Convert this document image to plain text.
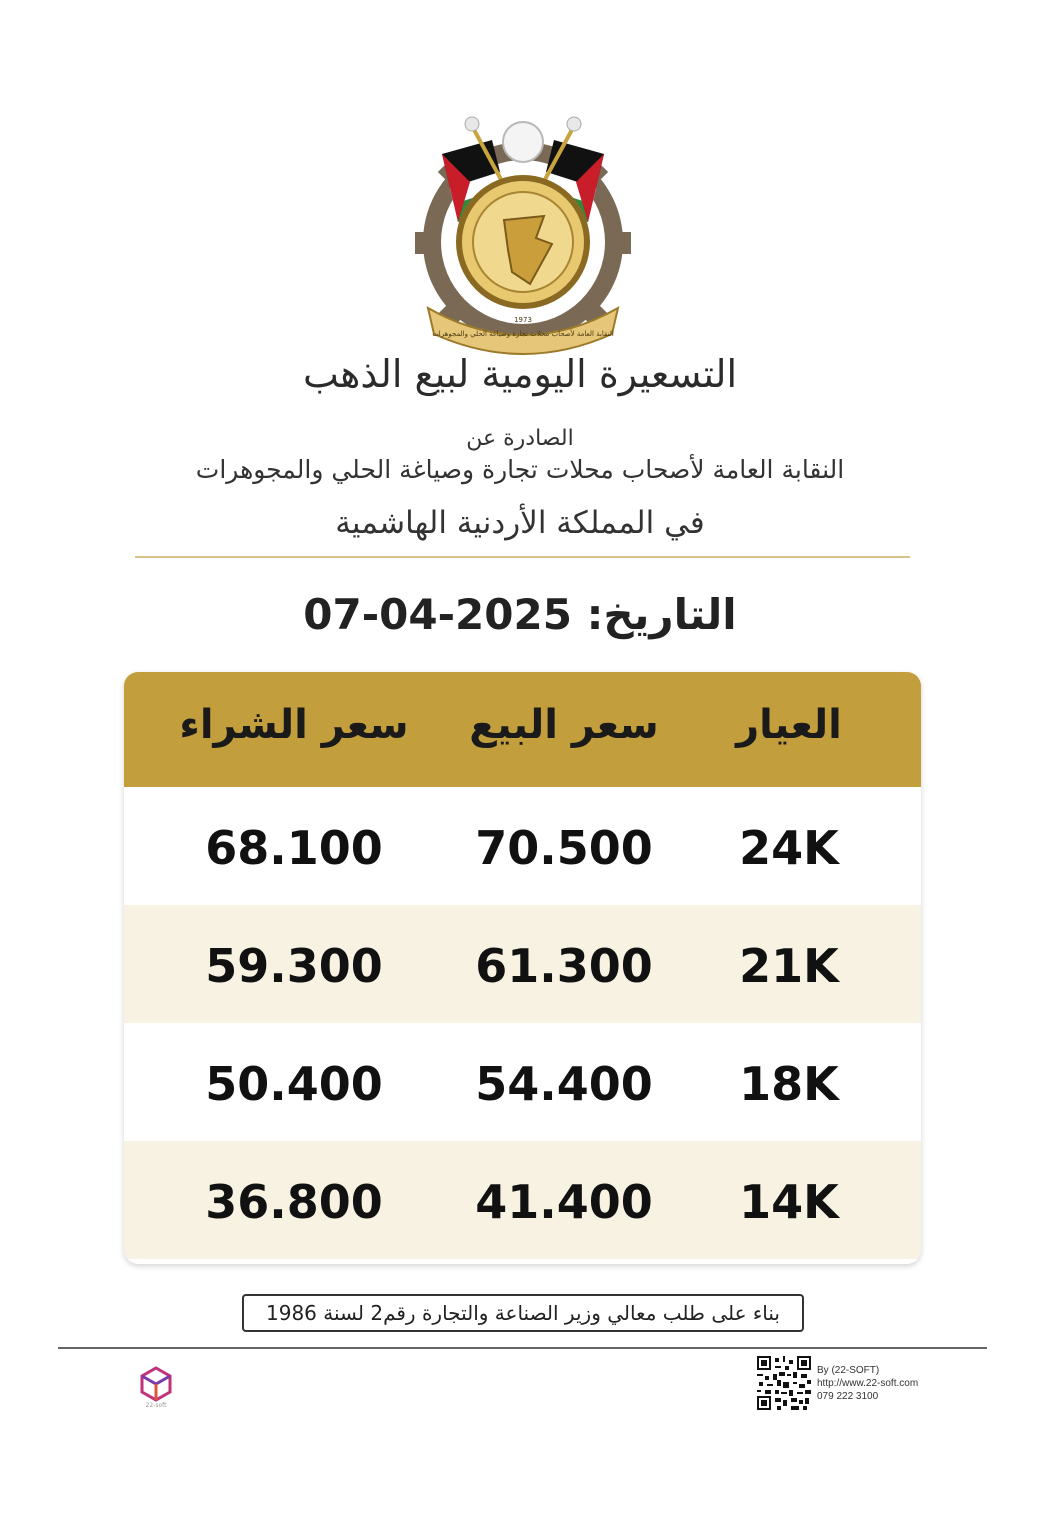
النقابة العامة لأصحاب محلات تجارة وصياغة الحلي والمجوهرات
1973
التسعيرة اليومية لبيع الذهب
الصادرة عن
النقابة العامة لأصحاب محلات تجارة وصياغة الحلي والمجوهرات
في المملكة الأردنية الهاشمية
التاريخ: 07-04-2025
العيار
سعر البيع
سعر الشراء
24K
70.500
68.100
21K
61.300
59.300
18K
54.400
50.400
14K
41.400
36.800
بناء على طلب معالي وزير الصناعة والتجارة رقم2 لسنة 1986
22-soft
By (22-SOFT)
http://www.22-soft.com
079 222 3100
